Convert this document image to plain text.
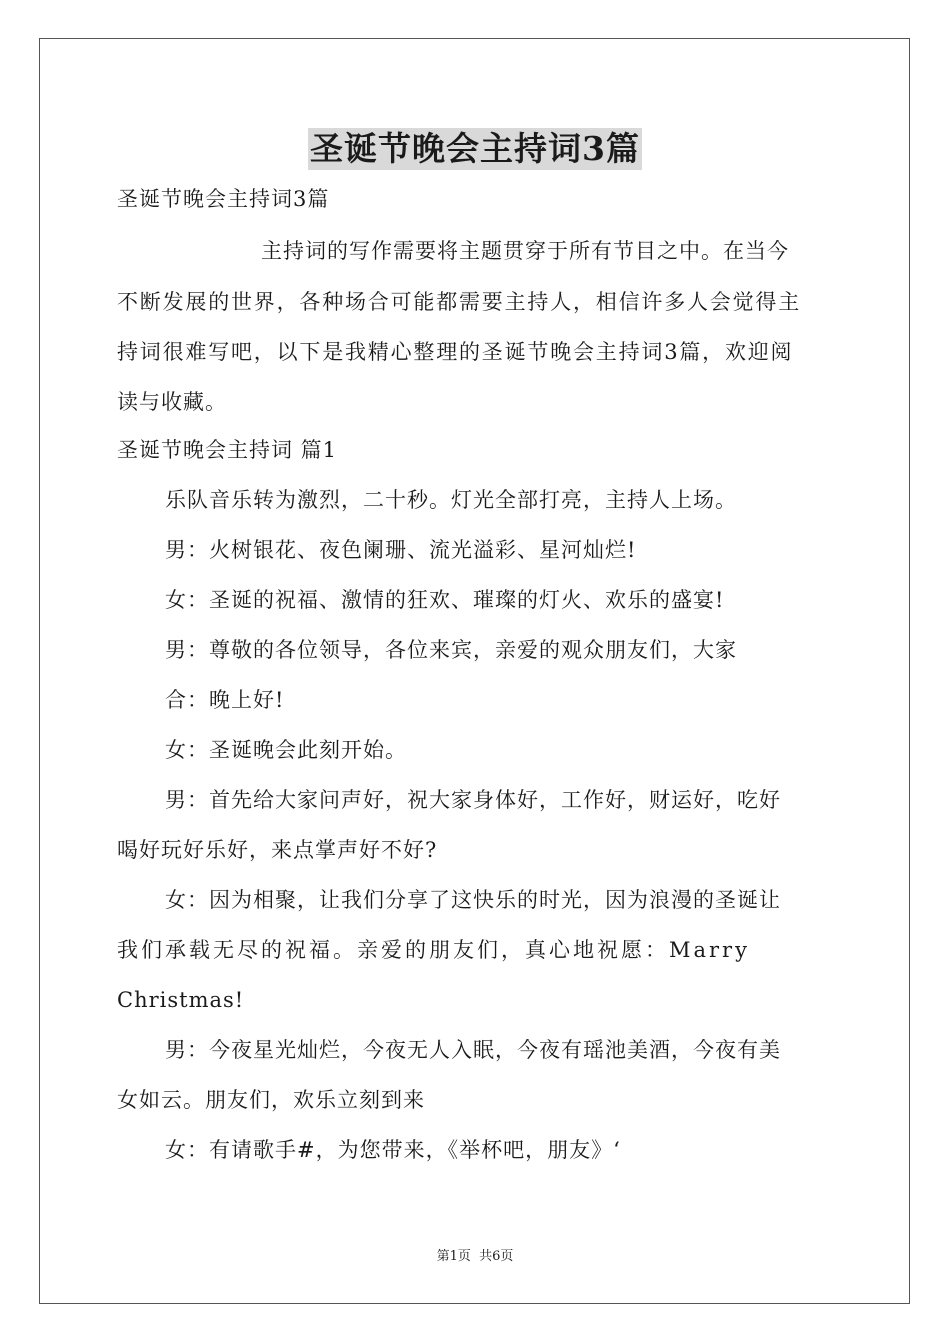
圣诞节晚会主持词3篇
圣诞节晚会主持词3篇
主持词的写作需要将主题贯穿于所有节目之中。在当今
不断发展的世界，各种场合可能都需要主持人，相信许多人会觉得主
持词很难写吧，以下是我精心整理的圣诞节晚会主持词3篇，欢迎阅
读与收藏。
圣诞节晚会主持词 篇1
乐队音乐转为激烈，二十秒。灯光全部打亮，主持人上场。
男：火树银花、夜色阑珊、流光溢彩、星河灿烂!
女：圣诞的祝福、激情的狂欢、璀璨的灯火、欢乐的盛宴!
男：尊敬的各位领导，各位来宾，亲爱的观众朋友们，大家
合：晚上好!
女：圣诞晚会此刻开始。
男：首先给大家问声好，祝大家身体好，工作好，财运好，吃好
喝好玩好乐好，来点掌声好不好?
女：因为相聚，让我们分享了这快乐的时光，因为浪漫的圣诞让
我们承载无尽的祝福。亲爱的朋友们，真心地祝愿：Marry
Christmas!
男：今夜星光灿烂，今夜无人入眠，今夜有瑶池美酒，今夜有美
女如云。朋友们，欢乐立刻到来
女：有请歌手#，为您带来，《举杯吧，朋友》‘
第1页 共6页
